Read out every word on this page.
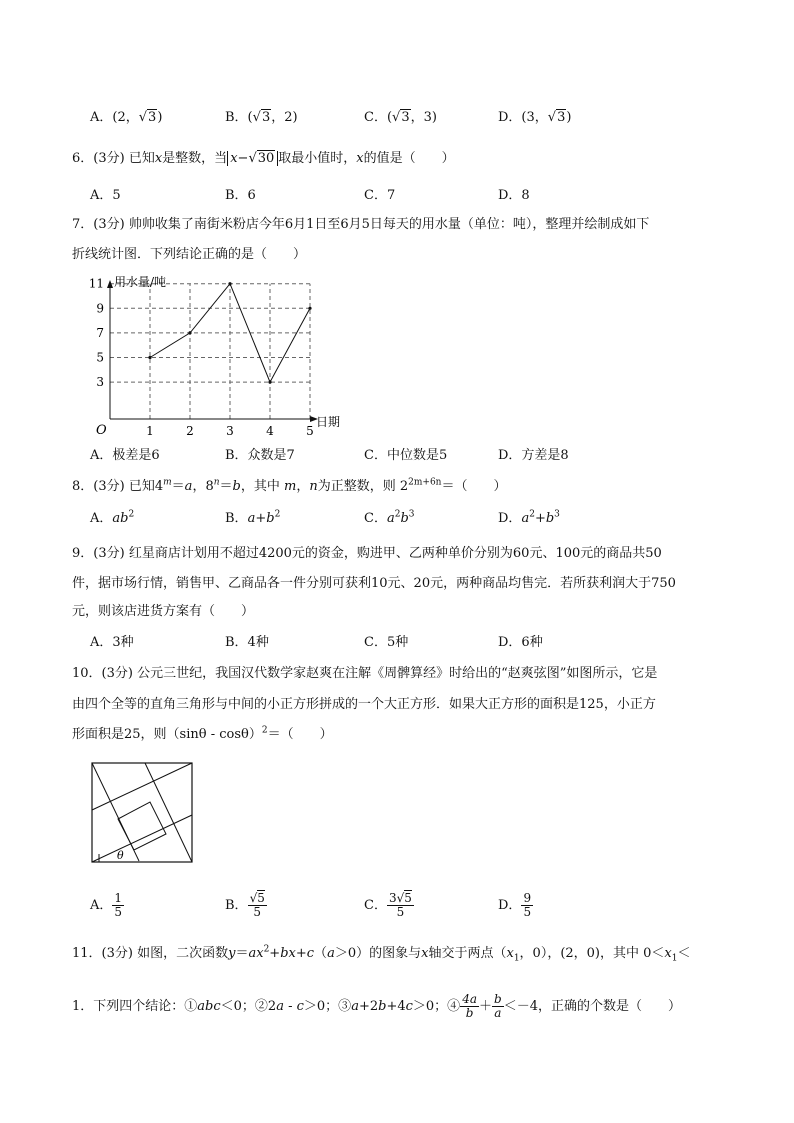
A．(2，√3)	B．(√3，2)	C．(√3，3)	D．(3，√3)
6．(3分) 已知x是整数，当 x−√30 取最小值时，x的值是（　　）
A．5	B．6	C．7	D．8
7．(3分) 帅帅收集了南街米粉店今年6月1日至6月5日每天的用水量（单位：吨），整理并绘制成如下
折线统计图．下列结论正确的是（　　）
用水量/吨
日期
O	1	2	3	4	5
3
5
7
9
11
A．极差是6	B．众数是7	C．中位数是5	D．方差是8
8．(3分) 已知$4^m=a$，$8^n=b$，其中 m，n为正整数，则 $2^{2m+6n}=$（　　）
A．$ab^2$	B．$a+b^2$	C．$a^2b^3$	D．$a^2+b^3$
9．(3分) 红星商店计划用不超过4200元的资金，购进甲、乙两种单价分别为60元、100元的商品共50
件，据市场行情，销售甲、乙商品各一件分别可获利10元、20元，两种商品均售完．若所获利润大于750
元，则该店进货方案有（　　）
A．3种	B．4种	C．5种	D．6种
10．(3分) 公元三世纪，我国汉代数学家赵爽在注解《周髀算经》时给出的“赵爽弦图”如图所示，它是
由四个全等的直角三角形与中间的小正方形拼成的一个大正方形．如果大正方形的面积是125，小正方
形面积是25，则（sinθ - cosθ）$^2$＝（　　）
θ
A． $\frac{1}{5}$	B． $\frac{√5}{5}$	C． $\frac{3√5}{5}$	D． $\frac{9}{5}$
11．(3分) 如图，二次函数$y=ax^2+bx+c(a>0)$的图象与x轴交于两点（$x_1$，0），(2，0)，其中 $0<x_1<$
1．下列四个结论：①abc＜0；②2a - c＞0；③a+2b+4c＞0；④ $\frac{4a}{b} + \frac{b}{a} <-4$，正确的个数是（　　）
